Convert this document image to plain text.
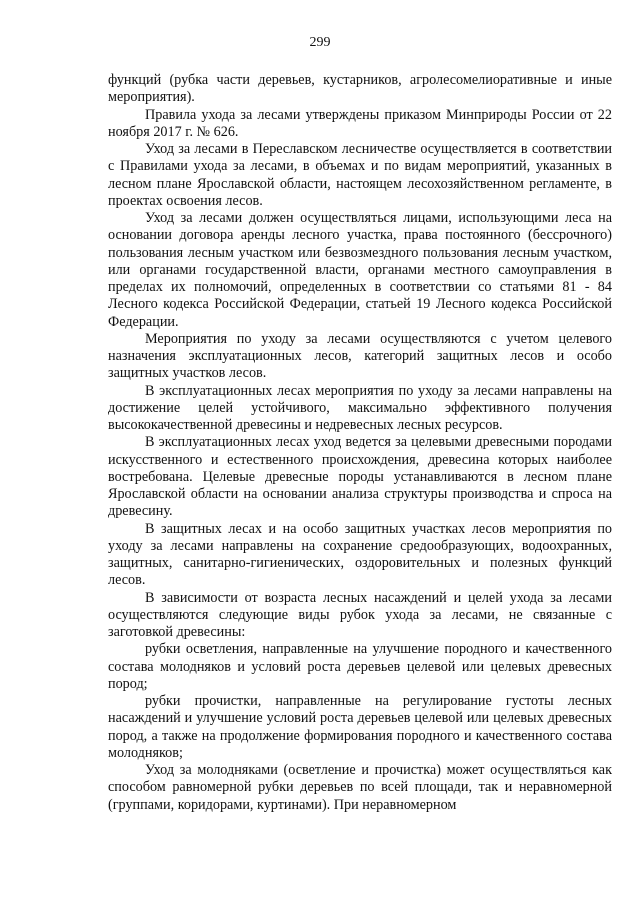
299

функций (рубка части деревьев, кустарников, агролесомелиоративные и иные мероприятия).

Правила ухода за лесами утверждены приказом Минприроды России от 22 ноября 2017 г. № 626.

Уход за лесами в Переславском лесничестве осуществляется в соответствии с Правилами ухода за лесами, в объемах и по видам мероприятий, указанных в лесном плане Ярославской области, настоящем лесохозяйственном регламенте, в проектах освоения лесов.

Уход за лесами должен осуществляться лицами, использующими леса на основании договора аренды лесного участка, права постоянного (бессрочного) пользования лесным участком или безвозмездного пользования лесным участком, или органами государственной власти, органами местного самоуправления в пределах их полномочий, определенных в соответствии со статьями 81 - 84 Лесного кодекса Российской Федерации, статьей 19 Лесного кодекса Российской Федерации.

Мероприятия по уходу за лесами осуществляются с учетом целевого назначения эксплуатационных лесов, категорий защитных лесов и особо защитных участков лесов.

В эксплуатационных лесах мероприятия по уходу за лесами направлены на достижение целей устойчивого, максимально эффективного получения высококачественной древесины и недревесных лесных ресурсов.

В эксплуатационных лесах уход ведется за целевыми древесными породами искусственного и естественного происхождения, древесина которых наиболее востребована. Целевые древесные породы устанавливаются в лесном плане Ярославской области на основании анализа структуры производства и спроса на древесину.

В защитных лесах и на особо защитных участках лесов мероприятия по уходу за лесами направлены на сохранение средообразующих, водоохранных, защитных, санитарно-гигиенических, оздоровительных и полезных функций лесов.

В зависимости от возраста лесных насаждений и целей ухода за лесами осуществляются следующие виды рубок ухода за лесами, не связанные с заготовкой древесины:

рубки осветления, направленные на улучшение породного и качественного состава молодняков и условий роста деревьев целевой или целевых древесных пород;

рубки прочистки, направленные на регулирование густоты лесных насаждений и улучшение условий роста деревьев целевой или целевых древесных пород, а также на продолжение формирования породного и качественного состава молодняков;

Уход за молодняками (осветление и прочистка) может осуществляться как способом равномерной рубки деревьев по всей площади, так и неравномерной (группами, коридорами, куртинами). При неравномерном
